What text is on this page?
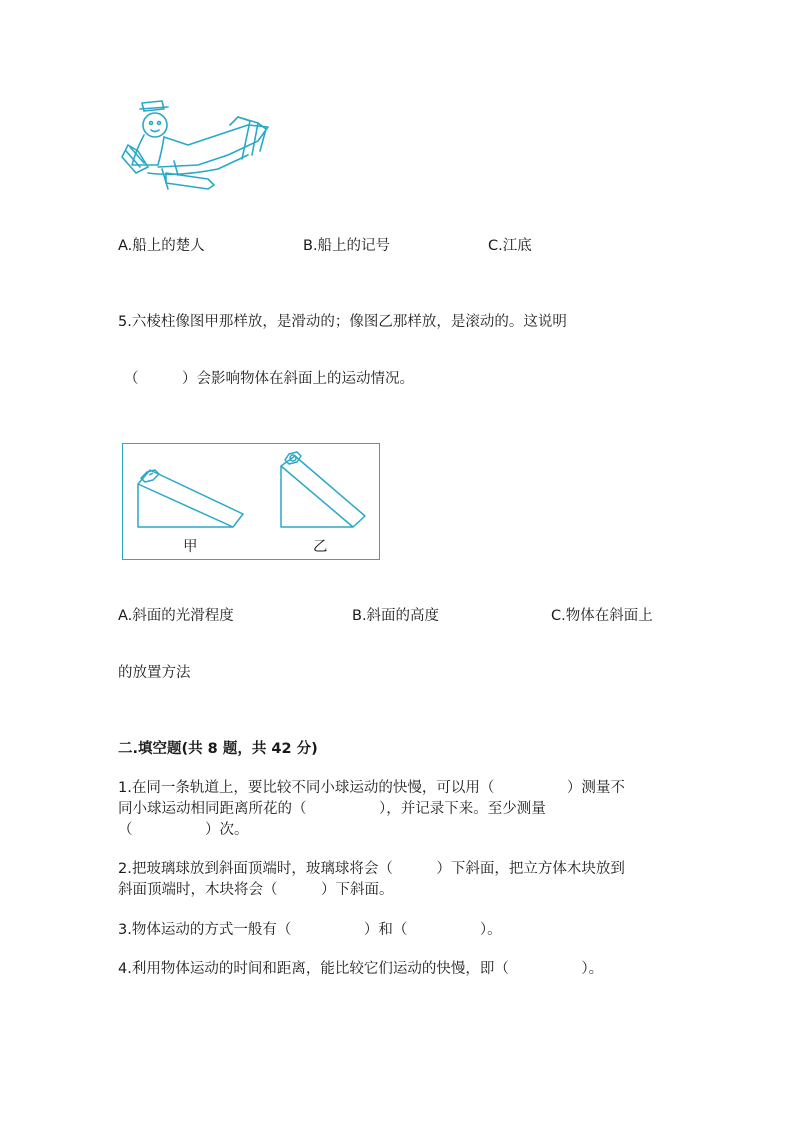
A.船上的楚人	B.船上的记号	C.江底
5.六棱柱像图甲那样放，是滑动的；像图乙那样放，是滚动的。这说明
（　　　）会影响物体在斜面上的运动情况。
甲	乙
A.斜面的光滑程度	B.斜面的高度	C.物体在斜面上
的放置方法
二.填空题(共 8 题，共 42 分)
1.在同一条轨道上，要比较不同小球运动的快慢，可以用（　　　　　）测量不
同小球运动相同距离所花的（　　　　　），并记录下来。至少测量
（　　　　　）次。
2.把玻璃球放到斜面顶端时，玻璃球将会（　　　）下斜面，把立方体木块放到
斜面顶端时，木块将会（　　　）下斜面。
3.物体运动的方式一般有（　　　　　）和（　　　　　）。
4.利用物体运动的时间和距离，能比较它们运动的快慢，即（　　　　　）。
